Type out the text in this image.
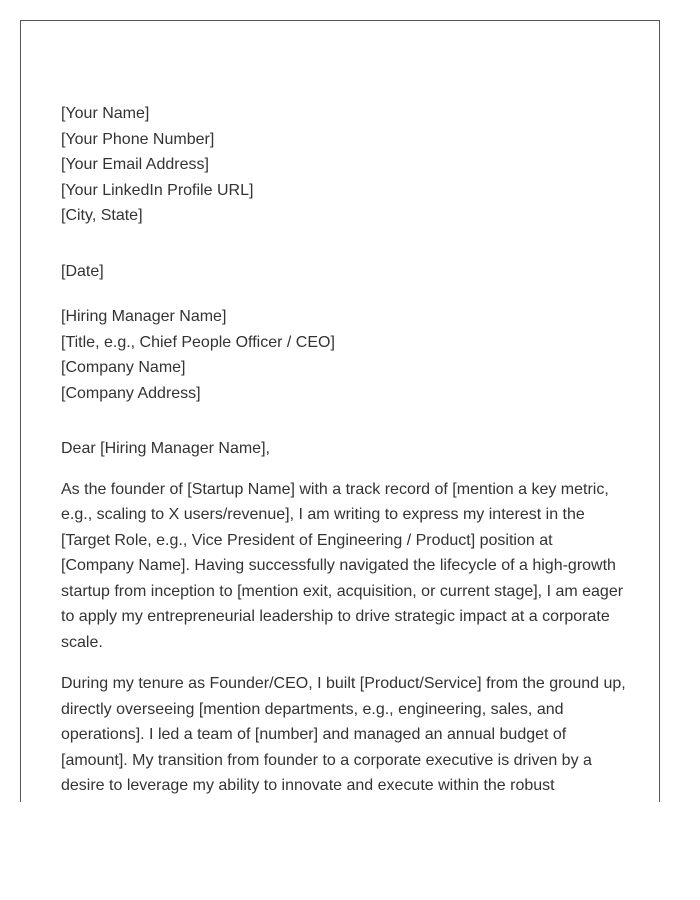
[Your Name]
[Your Phone Number]
[Your Email Address]
[Your LinkedIn Profile URL]
[City, State]
[Date]
[Hiring Manager Name]
[Title, e.g., Chief People Officer / CEO]
[Company Name]
[Company Address]
Dear [Hiring Manager Name],

As the founder of [Startup Name] with a track record of [mention a key metric, e.g., scaling to X users/revenue], I am writing to express my interest in the [Target Role, e.g., Vice President of Engineering / Product] position at [Company Name]. Having successfully navigated the lifecycle of a high-growth startup from inception to [mention exit, acquisition, or current stage], I am eager to apply my entrepreneurial leadership to drive strategic impact at a corporate scale.

During my tenure as Founder/CEO, I built [Product/Service] from the ground up, directly overseeing [mention departments, e.g., engineering, sales, and operations]. I led a team of [number] and managed an annual budget of [amount]. My transition from founder to a corporate executive is driven by a desire to leverage my ability to innovate and execute within the robust
